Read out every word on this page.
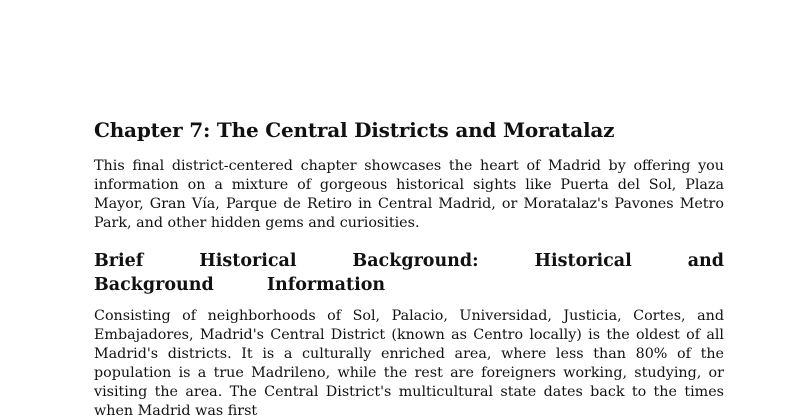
Chapter 7: The Central Districts and Moratalaz

This final district-centered chapter showcases the heart of Madrid by offering you information on a mixture of gorgeous historical sights like Puerta del Sol, Plaza Mayor, Gran Vía, Parque de Retiro in Central Madrid, or Moratalaz's Pavones Metro Park, and other hidden gems and curiosities.

Brief Historical Background: Historical and Background Information

Consisting of neighborhoods of Sol, Palacio, Universidad, Justicia, Cortes, and Embajadores, Madrid's Central District (known as Centro locally) is the oldest of all Madrid's districts. It is a culturally enriched area, where less than 80% of the population is a true Madrileno, while the rest are foreigners working, studying, or visiting the area. The Central District's multicultural state dates back to the times when Madrid was first
